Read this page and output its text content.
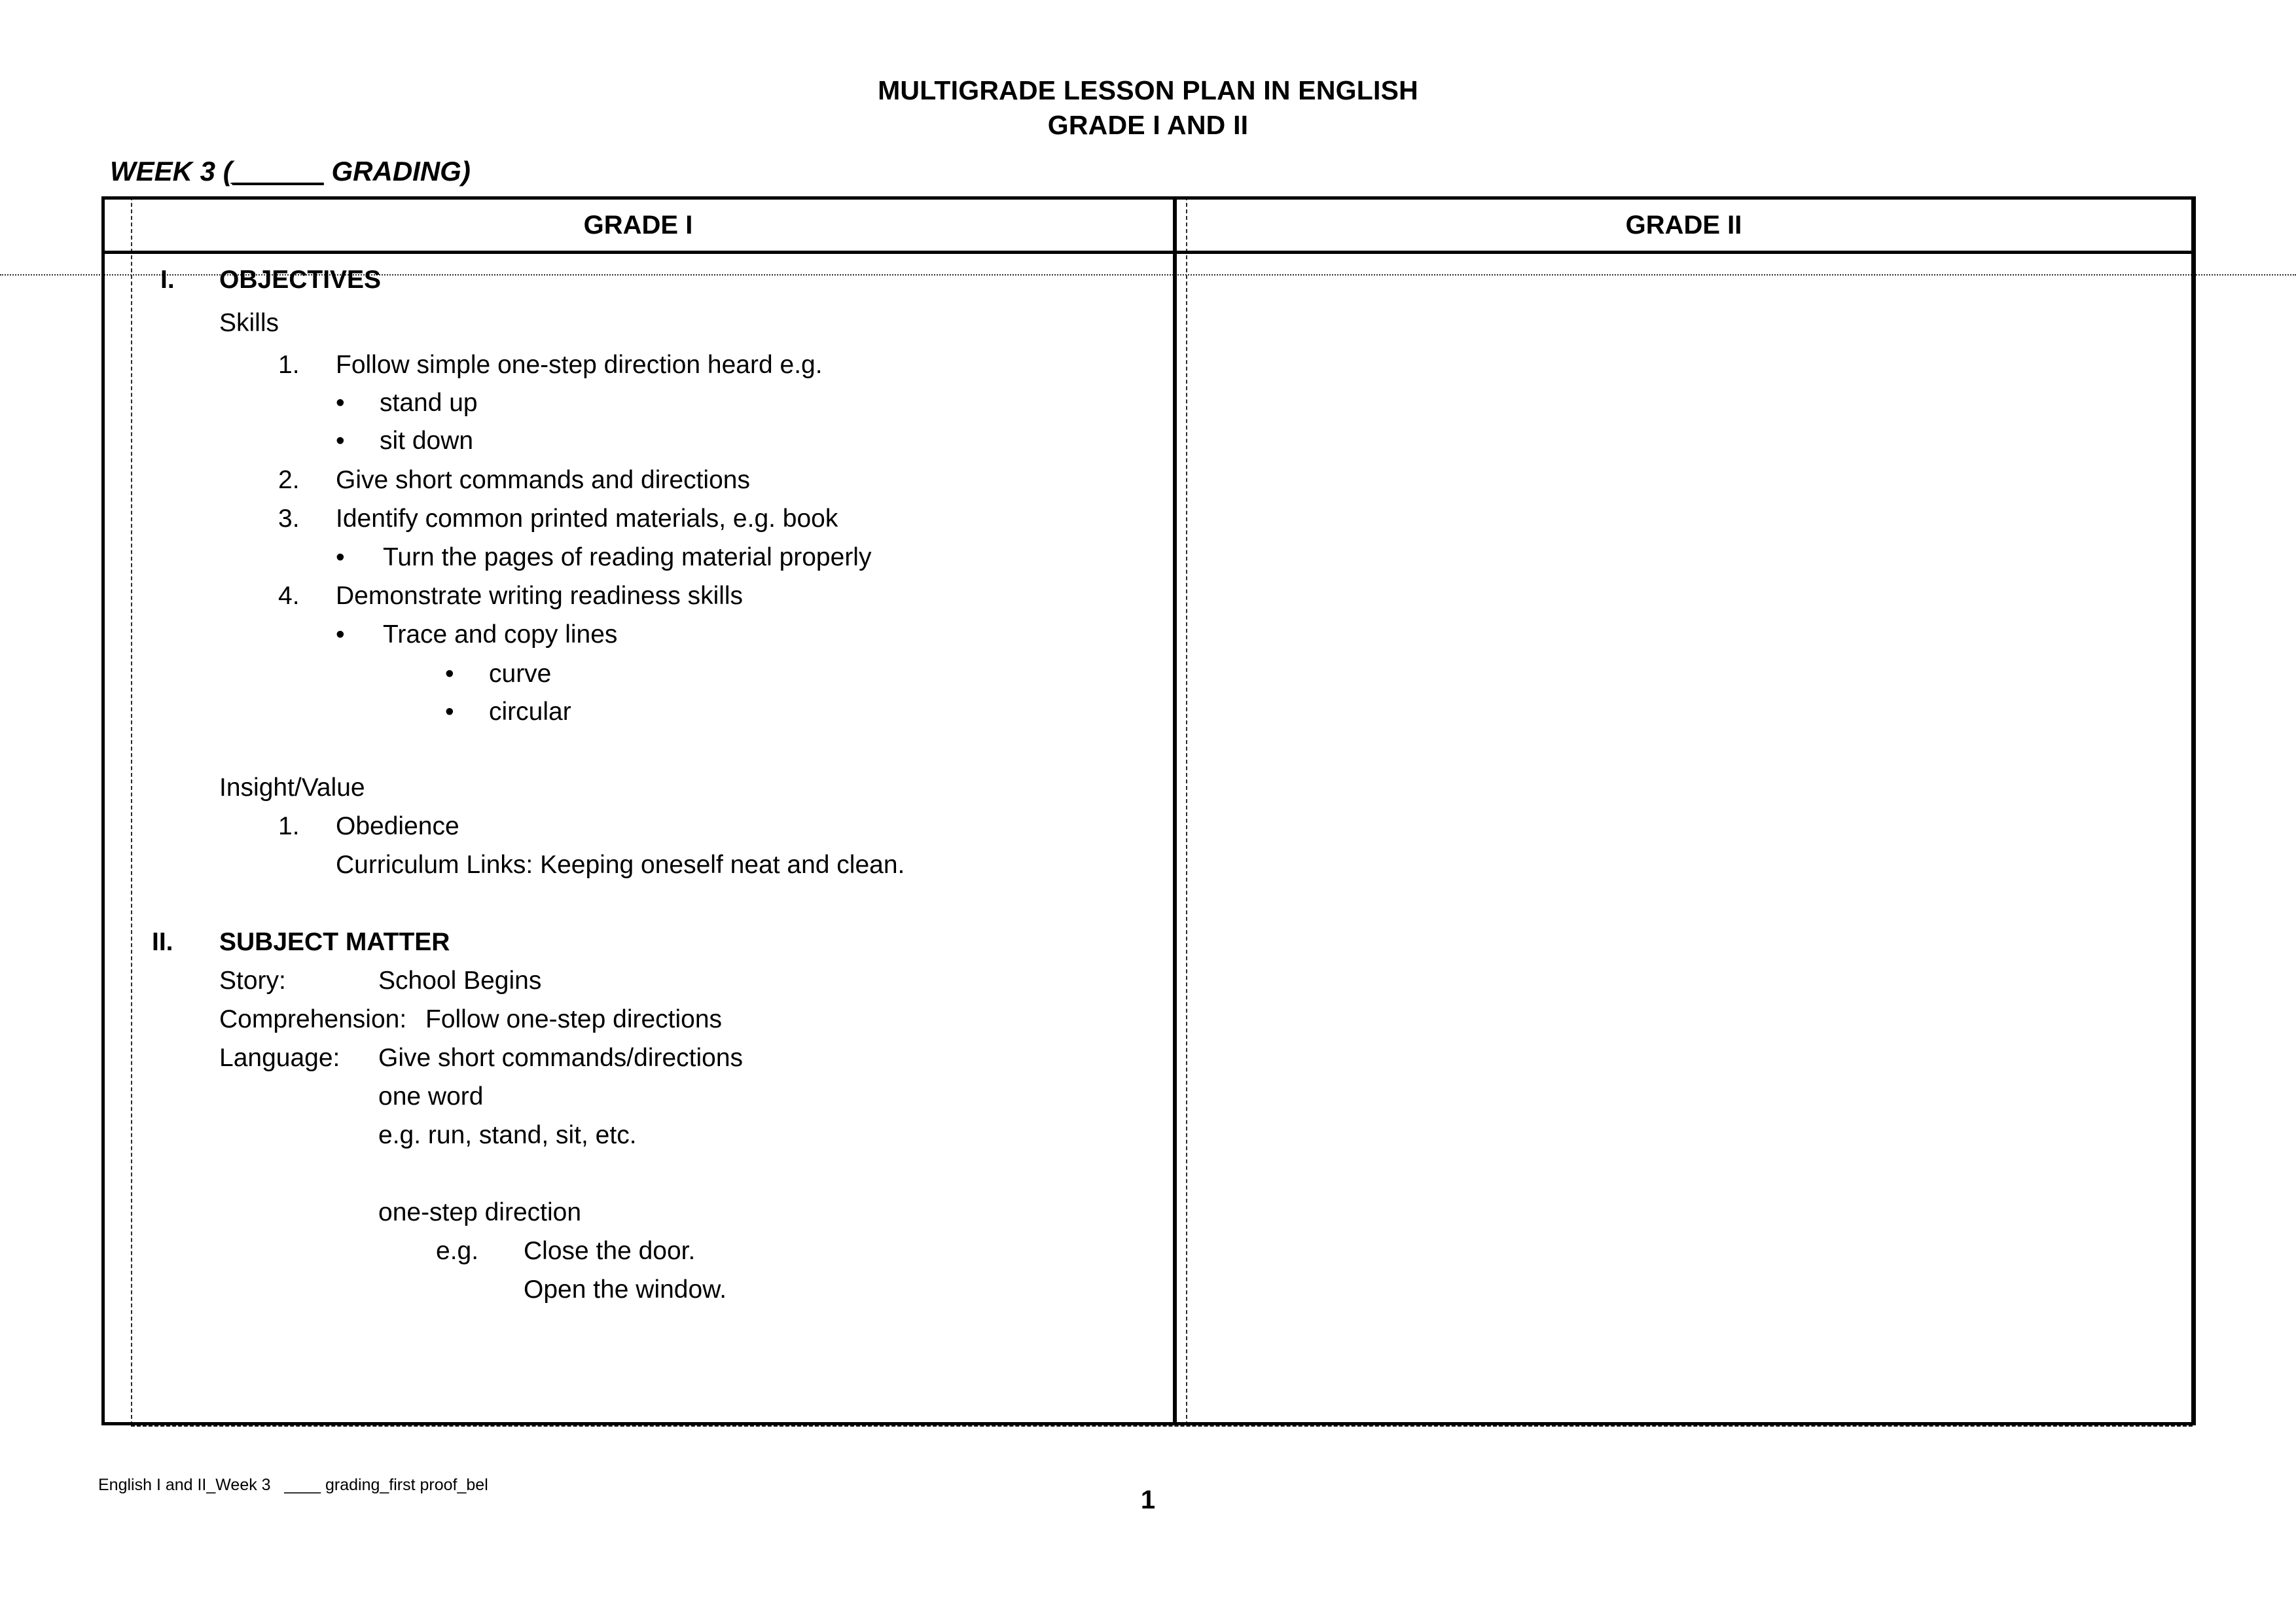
MULTIGRADE LESSON PLAN IN ENGLISH
GRADE I AND II
WEEK 3 (______ GRADING)
GRADE I	GRADE II
I. OBJECTIVES
Skills
1. Follow simple one-step direction heard e.g.
• stand up
• sit down
2. Give short commands and directions
3. Identify common printed materials, e.g. book
• Turn the pages of reading material properly
4. Demonstrate writing readiness skills
• Trace and copy lines
• curve
• circular
Insight/Value
1. Obedience
Curriculum Links: Keeping oneself neat and clean.
II. SUBJECT MATTER
Story:	School Begins
Comprehension: Follow one-step directions
Language: Give short commands/directions
one word
e.g. run, stand, sit, etc.
one-step direction
e.g. Close the door.
Open the window.
English I and II_Week 3   ____ grading_first proof_bel
1
